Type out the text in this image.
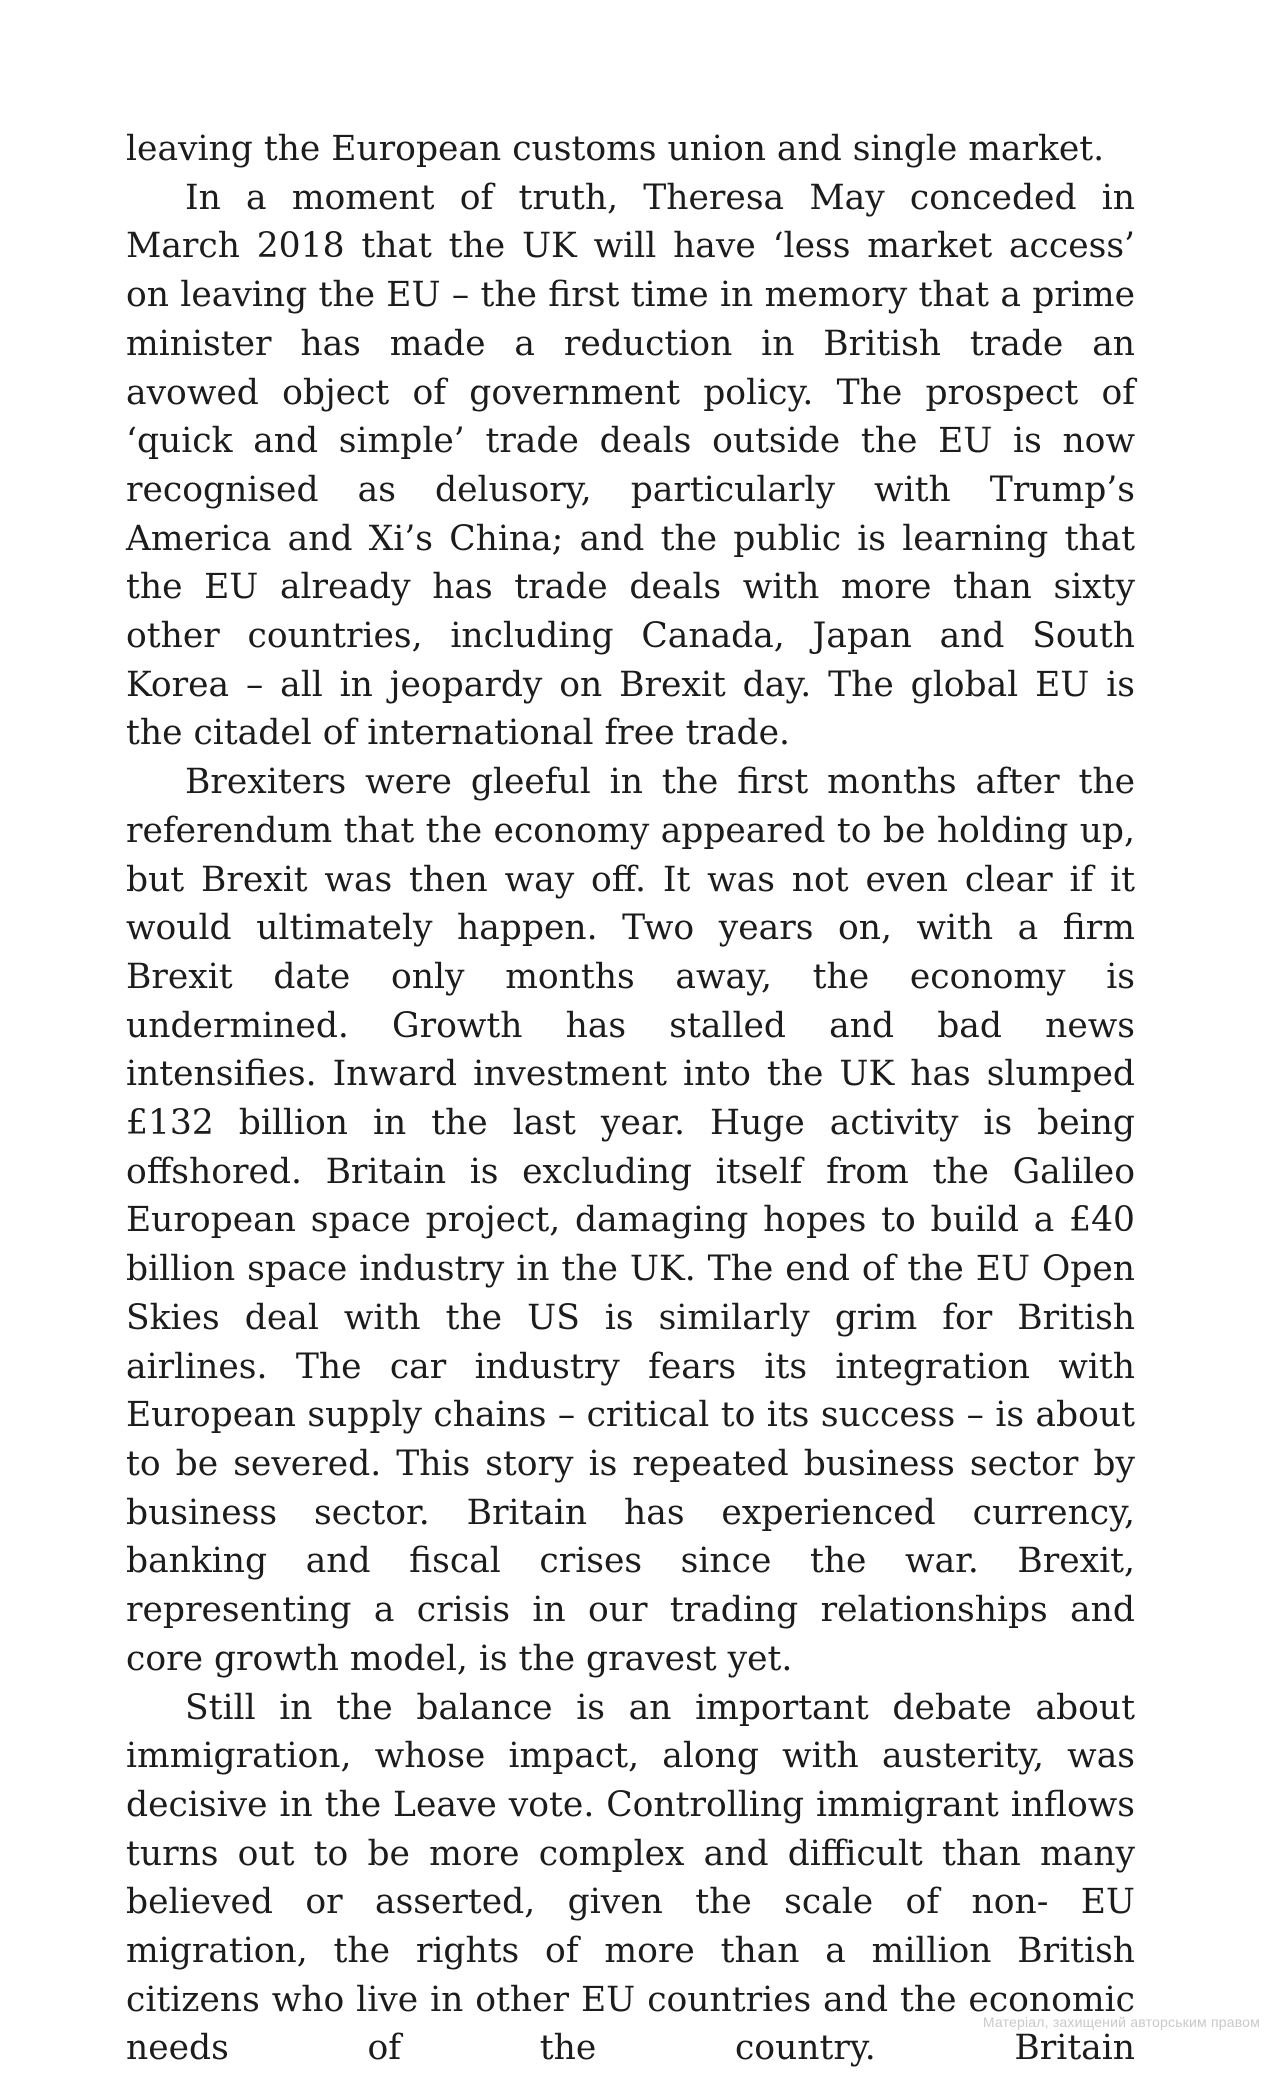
leaving the European customs union and single market.

In a moment of truth, Theresa May conceded in March 2018 that the UK will have ‘less market access’ on leaving the EU – the first time in memory that a prime minister has made a reduction in British trade an avowed object of government policy. The prospect of ‘quick and simple’ trade deals outside the EU is now recognised as delusory, particularly with Trump’s America and Xi’s China; and the public is learning that the EU already has trade deals with more than sixty other countries, including Canada, Japan and South Korea – all in jeopardy on Brexit day. The global EU is the citadel of international free trade.

Brexiters were gleeful in the first months after the referendum that the economy appeared to be holding up, but Brexit was then way off. It was not even clear if it would ultimately happen. Two years on, with a firm Brexit date only months away, the economy is undermined. Growth has stalled and bad news intensifies. Inward investment into the UK has slumped £132 billion in the last year. Huge activity is being offshored. Britain is excluding itself from the Galileo European space project, damaging hopes to build a £40 billion space industry in the UK. The end of the EU Open Skies deal with the US is similarly grim for British airlines. The car industry fears its integration with European supply chains – critical to its success – is about to be severed. This story is repeated business sector by business sector. Britain has experienced currency, banking and fiscal crises since the war. Brexit, representing a crisis in our trading relationships and core growth model, is the gravest yet.

Still in the balance is an important debate about immigration, whose impact, along with austerity, was decisive in the Leave vote. Controlling immigrant inflows turns out to be more complex and difficult than many believed or asserted, given the scale of non- EU migration, the rights of more than a million British citizens who live in other EU countries and the economic needs of the country. Britain

Матеріал, захищений авторським правом
